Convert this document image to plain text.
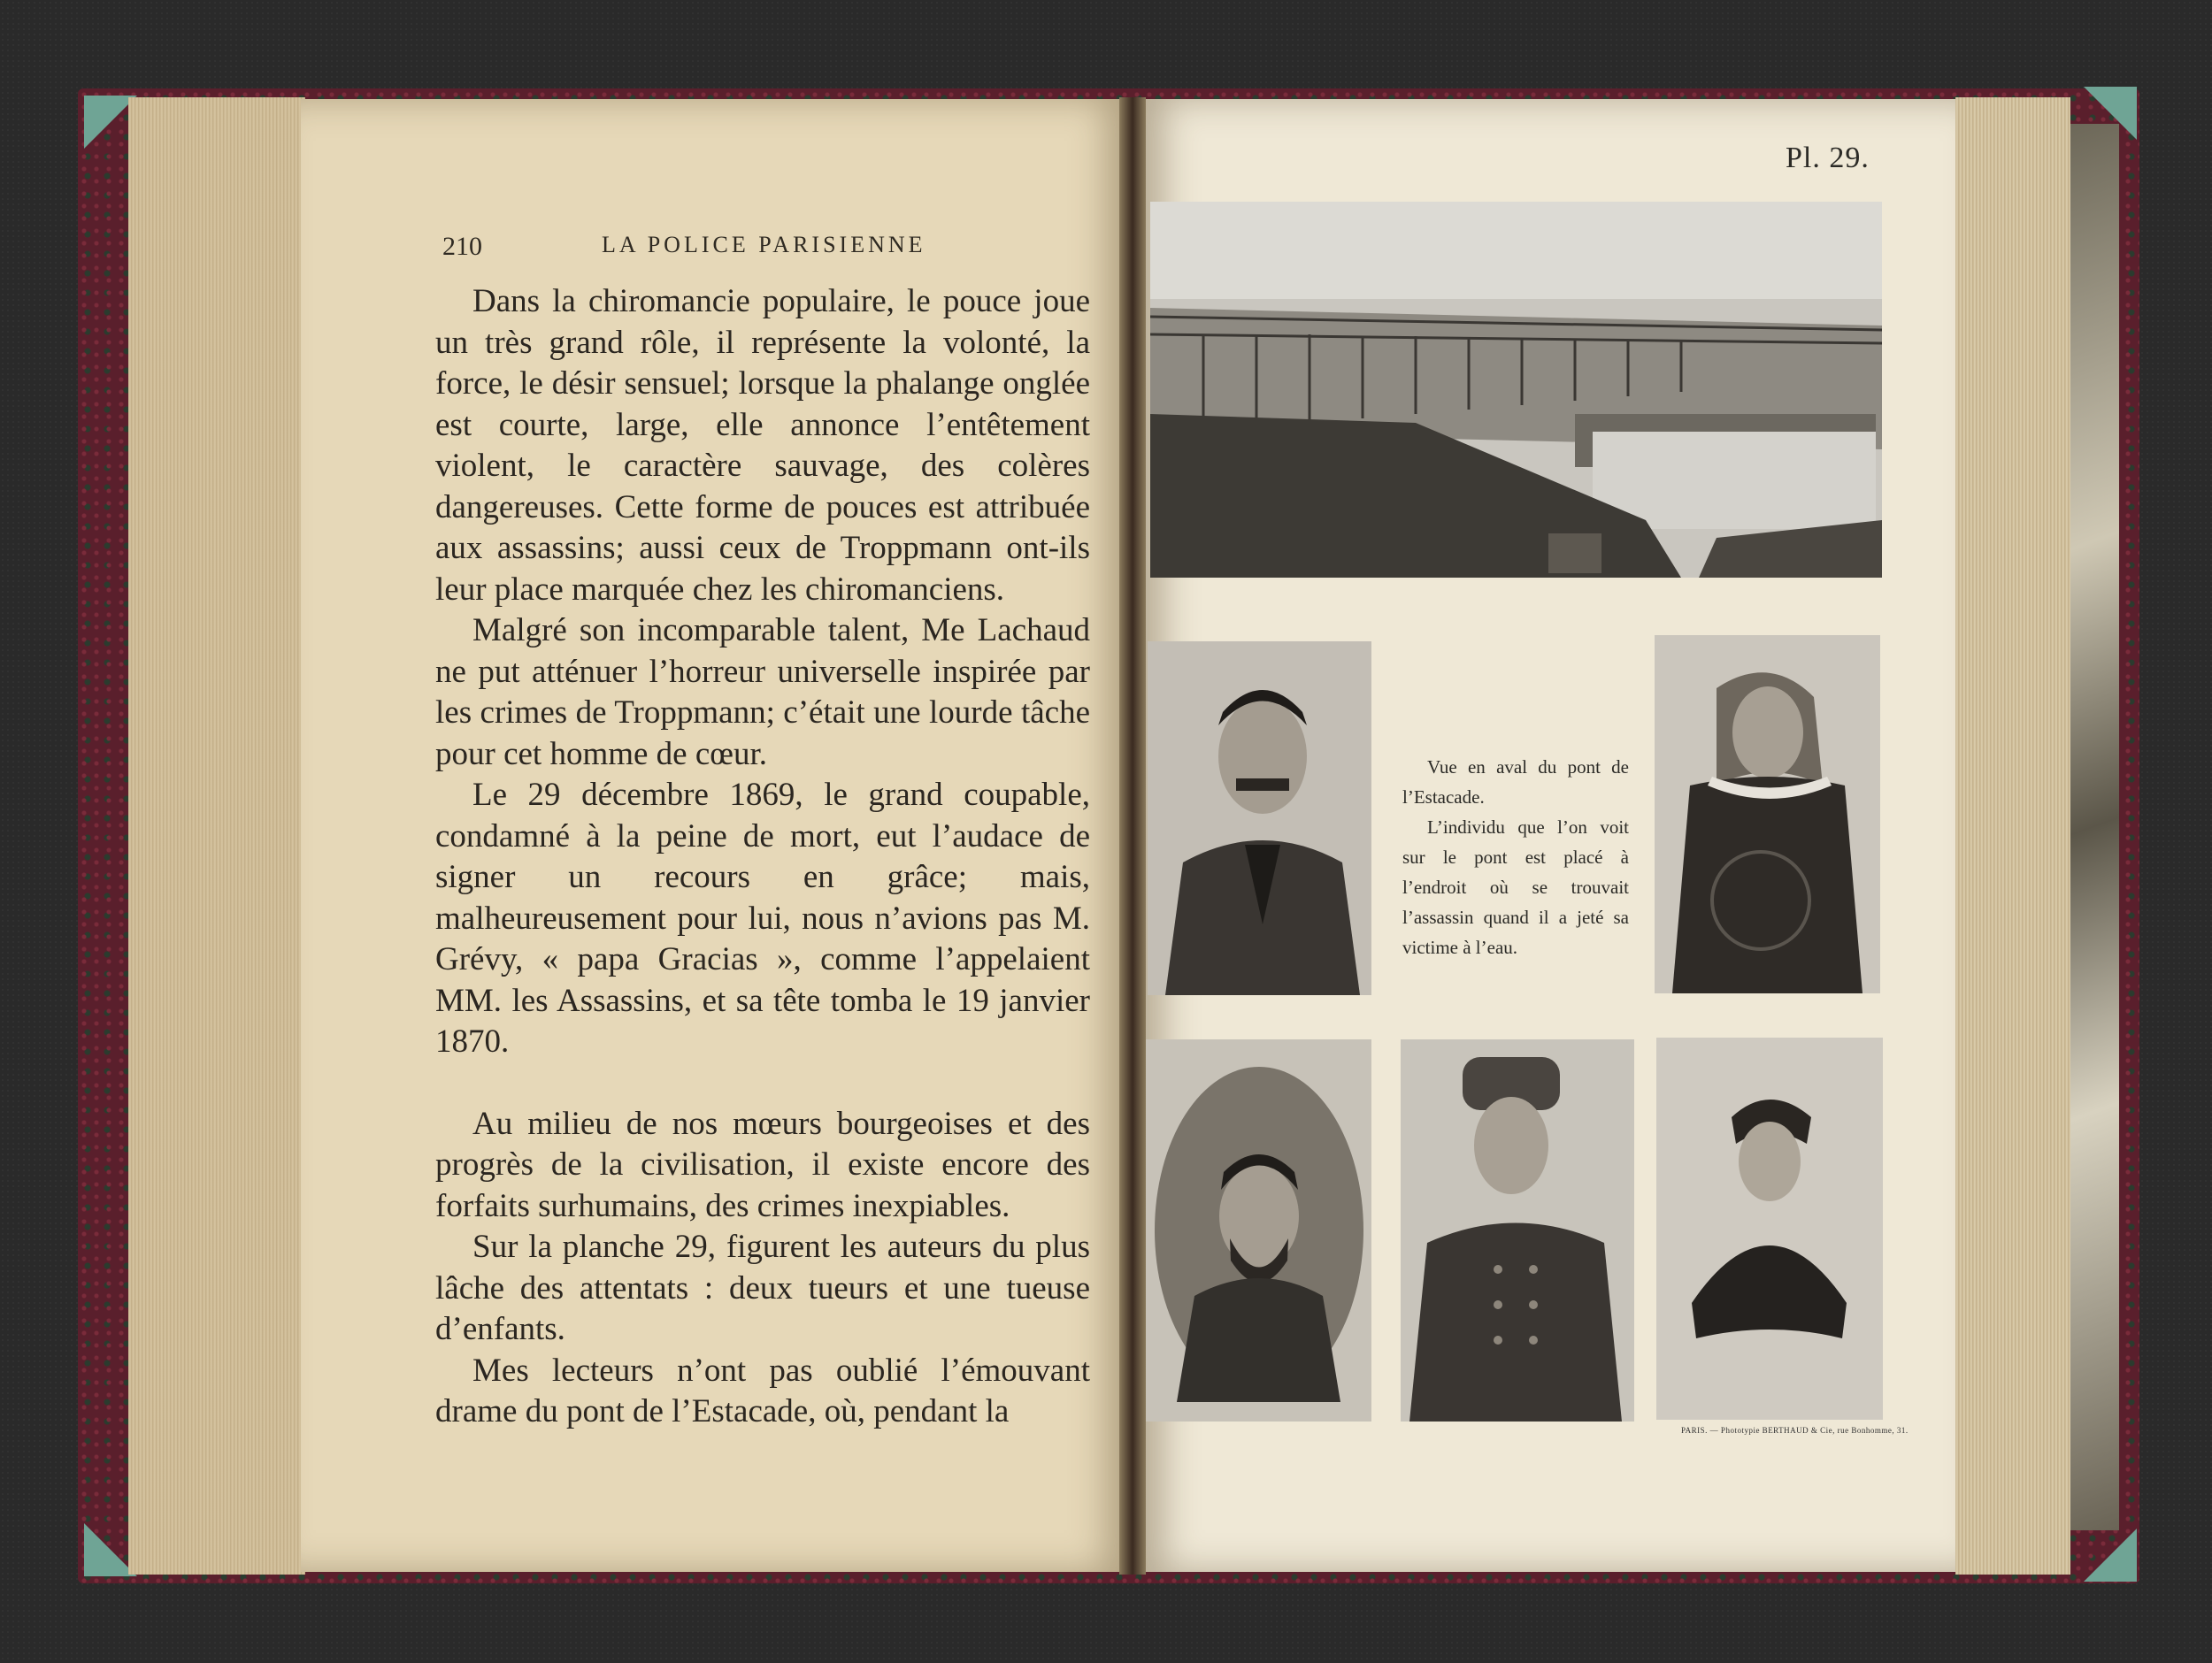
210	LA POLICE PARISIENNE

Dans la chiromancie populaire, le pouce joue un très grand rôle, il représente la volonté, la force, le désir sensuel; lorsque la phalange onglée est courte, large, elle annonce l’entêtement violent, le caractère sauvage, des colères dangereuses. Cette forme de pouces est attribuée aux assassins; aussi ceux de Troppmann ont-ils leur place marquée chez les chiromanciens.

Malgré son incomparable talent, Me Lachaud ne put atténuer l’horreur universelle inspirée par les crimes de Troppmann; c’était une lourde tâche pour cet homme de cœur.

Le 29 décembre 1869, le grand coupable, condamné à la peine de mort, eut l’audace de signer un recours en grâce; mais, malheureusement pour lui, nous n’avions pas M. Grévy, « papa Gracias », comme l’appelaient MM. les Assassins, et sa tête tomba le 19 janvier 1870.

Au milieu de nos mœurs bourgeoises et des progrès de la civilisation, il existe encore des forfaits surhumains, des crimes inexpiables.

Sur la planche 29, figurent les auteurs du plus lâche des attentats : deux tueurs et une tueuse d’enfants.

Mes lecteurs n’ont pas oublié l’émouvant drame du pont de l’Estacade, où, pendant la

Pl. 29.

Vue en aval du pont de l’Estacade.

L’individu que l’on voit sur le pont est placé à l’endroit où se trouvait l’assassin quand il a jeté sa victime à l’eau.

PARIS. — Phototypie BERTHAUD & Cie, rue Bonhomme, 31.
